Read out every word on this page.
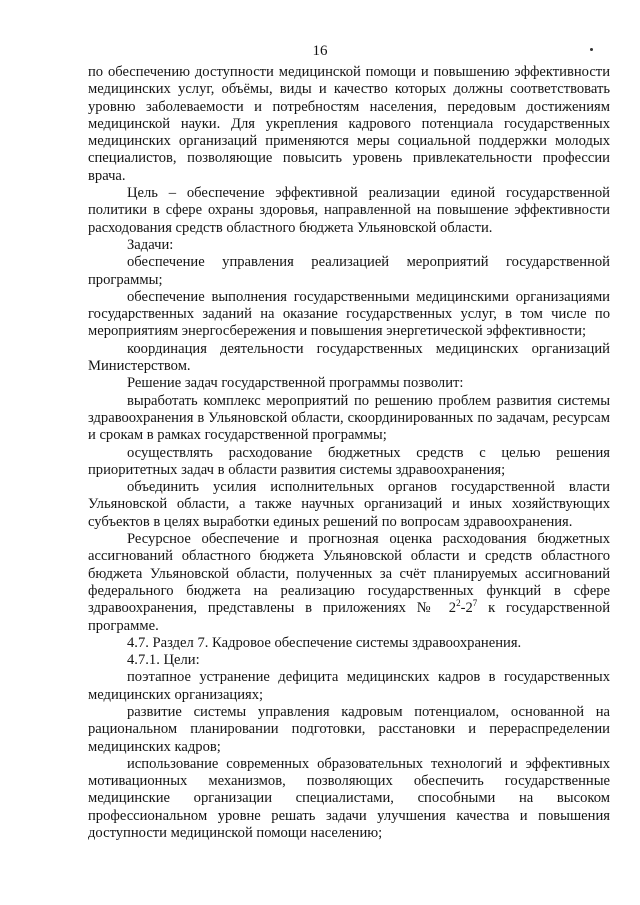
16

по обеспечению доступности медицинской помощи и повышению эффективности медицинских услуг, объёмы, виды и качество которых должны соответствовать уровню заболеваемости и потребностям населения, передовым достижениям медицинской науки. Для укрепления кадрового потенциала государственных медицинских организаций применяются меры социальной поддержки молодых специалистов, позволяющие повысить уровень привлекательности профессии врача.

Цель – обеспечение эффективной реализации единой государственной политики в сфере охраны здоровья, направленной на повышение эффективности расходования средств областного бюджета Ульяновской области.

Задачи:

обеспечение управления реализацией мероприятий государственной программы;

обеспечение выполнения государственными медицинскими организациями государственных заданий на оказание государственных услуг, в том числе по мероприятиям энергосбережения и повышения энергетической эффективности;

координация деятельности государственных медицинских организаций Министерством.

Решение задач государственной программы позволит:

выработать комплекс мероприятий по решению проблем развития системы здравоохранения в Ульяновской области, скоординированных по задачам, ресурсам и срокам в рамках государственной программы;

осуществлять расходование бюджетных средств с целью решения приоритетных задач в области развития системы здравоохранения;

объединить усилия исполнительных органов государственной власти Ульяновской области, а также научных организаций и иных хозяйствующих субъектов в целях выработки единых решений по вопросам здравоохранения.

Ресурсное обеспечение и прогнозная оценка расходования бюджетных ассигнований областного бюджета Ульяновской области и средств областного бюджета Ульяновской области, полученных за счёт планируемых ассигнований федерального бюджета на реализацию государственных функций в сфере здравоохранения, представлены в приложениях № $2^2-2^7$ к государственной программе.

4.7. Раздел 7. Кадровое обеспечение системы здравоохранения.

4.7.1. Цели:

поэтапное устранение дефицита медицинских кадров в государственных медицинских организациях;

развитие системы управления кадровым потенциалом, основанной на рациональном планировании подготовки, расстановки и перераспределении медицинских кадров;

использование современных образовательных технологий и эффективных мотивационных механизмов, позволяющих обеспечить государственные медицинские организации специалистами, способными на высоком профессиональном уровне решать задачи улучшения качества и повышения доступности медицинской помощи населению;
